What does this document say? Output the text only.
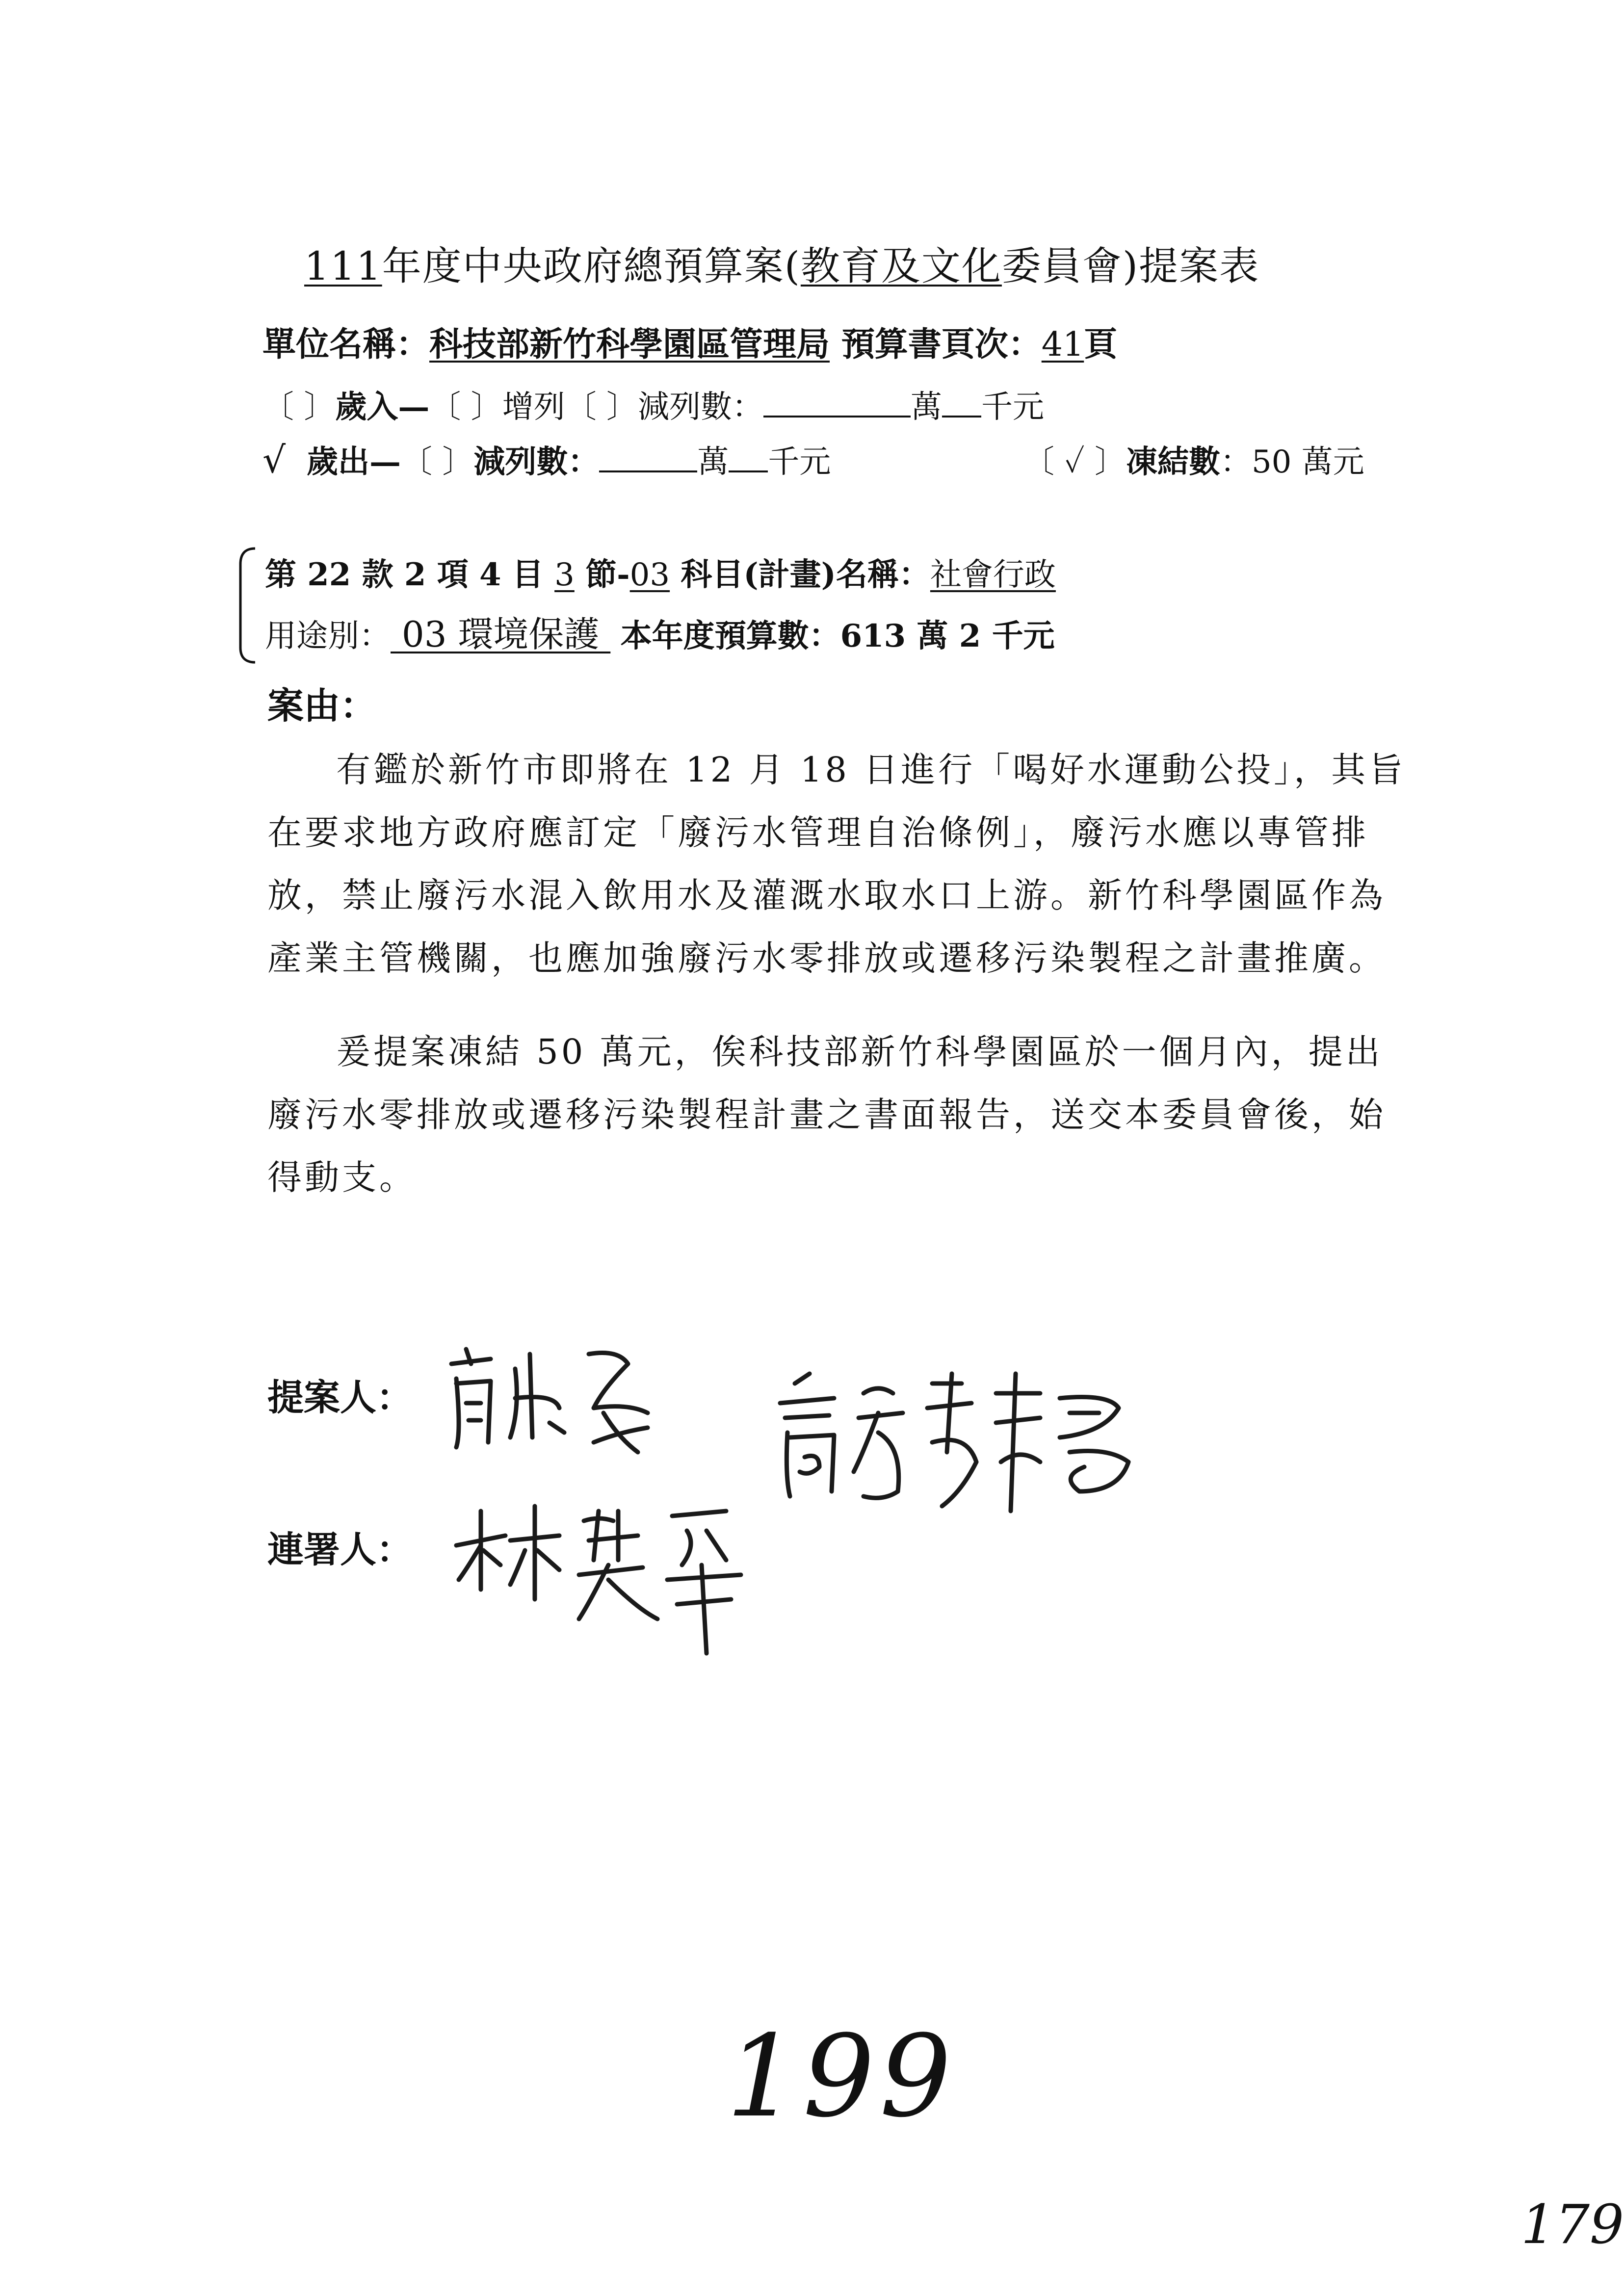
111年度中央政府總預算案(教育及文化委員會)提案表
單位名稱：科技部新竹科學園區管理局 預算書頁次：41頁
〔 〕歲入—〔 〕增列〔 〕減列數：	萬 千元
√ 歲出—〔 〕減列數：	萬 千元	〔 ✓ 〕凍結數：50 萬元
第 22 款 2 項 4 目 3 節-03 科目(計畫)名稱：社會行政
用途別： 03 環境保護  本年度預算數：613 萬 2 千元
案由：
有鑑於新竹市即將在 12 月 18 日進行「喝好水運動公投」，其旨在要求地方政府應訂定「廢污水管理自治條例」，廢污水應以專管排放，禁止廢污水混入飲用水及灌溉水取水口上游。新竹科學園區作為產業主管機關，也應加強廢污水零排放或遷移污染製程之計畫推廣。
爰提案凍結 50 萬元，俟科技部新竹科學園區於一個月內，提出廢污水零排放或遷移污染製程計畫之書面報告，送交本委員會後，始得動支。
提案人：
連署人：
199
179
